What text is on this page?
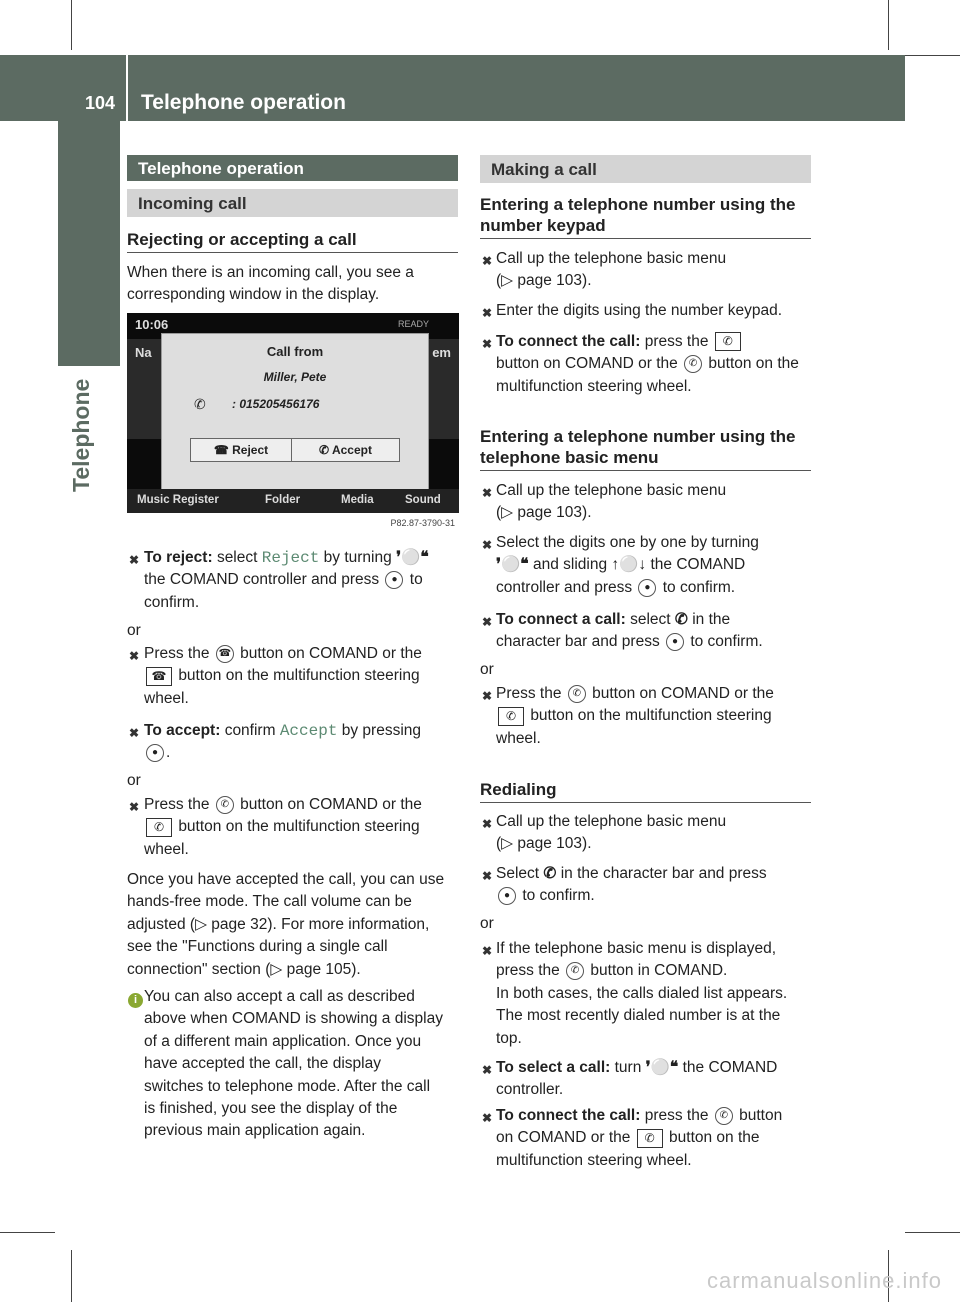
104 Telephone operation
Telephone
Telephone operation
Incoming call
Rejecting or accepting a call
When there is an incoming call, you see a corresponding window in the display.
10:06	READY
Na	em
Call from
Miller, Pete
✆ : 015205456176
☎ Reject	✆ Accept
Music Register	Folder	Media	Sound
P82.87-3790-31
✖ To reject: select Reject by turning ❜⚪❝
the COMAND controller and press ● to
confirm.
or
✖ Press the ☎ button on COMAND or the
☎ button on the multifunction steering
wheel.
✖ To accept: confirm Accept by pressing
● .
or
✖ Press the ✆ button on COMAND or the
✆ button on the multifunction steering
wheel.
Once you have accepted the call, you can use
hands-free mode. The call volume can be
adjusted (▷ page 32). For more information,
see the "Functions during a single call
connection" section (▷ page 105).
i You can also accept a call as described
above when COMAND is showing a display
of a different main application. Once you
have accepted the call, the display
switches to telephone mode. After the call
is finished, you see the display of the
previous main application again.
Making a call
Entering a telephone number using the
number keypad
✖ Call up the telephone basic menu
(▷ page 103).
✖ Enter the digits using the number keypad.
✖ To connect the call: press the ✆
button on COMAND or the ✆ button on the
multifunction steering wheel.
Entering a telephone number using the
telephone basic menu
✖ Call up the telephone basic menu
(▷ page 103).
✖ Select the digits one by one by turning
❜⚪❝ and sliding ↑⚪↓ the COMAND
controller and press ● to confirm.
✖ To connect a call: select ✆ in the
character bar and press ● to confirm.
or
✖ Press the ✆ button on COMAND or the
✆ button on the multifunction steering
wheel.
Redialing
✖ Call up the telephone basic menu
(▷ page 103).
✖ Select ✆ in the character bar and press
● to confirm.
or
✖ If the telephone basic menu is displayed,
press the ✆ button in COMAND.
In both cases, the calls dialed list appears.
The most recently dialed number is at the
top.
✖ To select a call: turn ❜⚪❝ the COMAND
controller.
✖ To connect the call: press the ✆ button
on COMAND or the ✆ button on the
multifunction steering wheel.
carmanualsonline.info
